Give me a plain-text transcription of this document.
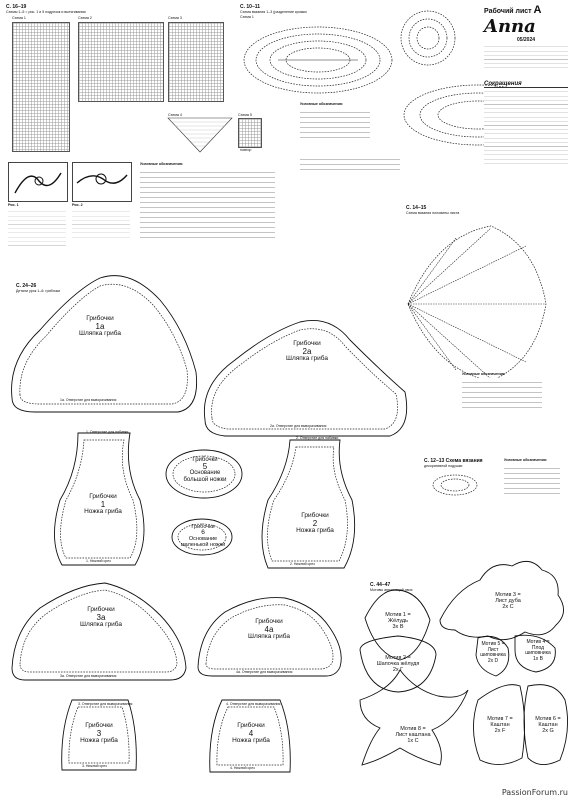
С. 16–19
Схемы 1–5 = рис. 1 и 5 подрезок и вытягивания
Схема 1	Схема 2	Схема 3
Схема 4	Схема 5
повтор
Рис. 1	Рис. 2
Условные обозначения:
С. 10–11
Схема вязания 1–3 (разделение кромки
Схема 1
Условные обозначения:
Рабочий лист A
Anna
05/2024
Сокращения
С. 14–15
Схема вязания половины листа
Условные обозначения:
С. 12–13 Схема вязания
декоративной подушки
Условные обозначения:
С. 24–26
Детали урок 1–6: грибочки
Грибочки
1a
Шляпка гриба
1a. Отверстие для выворачивания
Грибочки
2a
Шляпка гриба
2a. Отверстие для выворачивания
1. Отверстие для набивки
Грибочки
1
Ножка гриба
1. Нижний срез
Грибочки
5
Основание большой ножки
Грибочки
6
Основание маленькой ножки
2. Отверстие для набивки
Грибочки
2
Ножка гриба
2. Нижний срез
Грибочки
3a
Шляпка гриба
3a. Отверстие для выворачивания
Грибочки
4a
Шляпка гриба
4a. Отверстие для выворачивания
3. Отверстие для выворачивания
Грибочки
3
Ножка гриба
3. Нижний срез
4. Отверстие для выворачивания
Грибочки
4
Ножка гриба
4. Нижний срез
С. 44–47
Мотивы аппликаций хвоя
Мотив 1 =
Жёлудь
3x В
Мотив 2 =
Шапочка жёлудя
2x Г
Мотив 3 =
Лист дуба
2x С
Мотив 4 =
Плод шиповника
1x В
Мотив 5 =
Лист шиповника
2x D
Мотив 6 =
Каштан
2x G
Мотив 7 =
Каштан
2x F
Мотив 8 =
Лист каштана
1x С
PassionForum.ru
